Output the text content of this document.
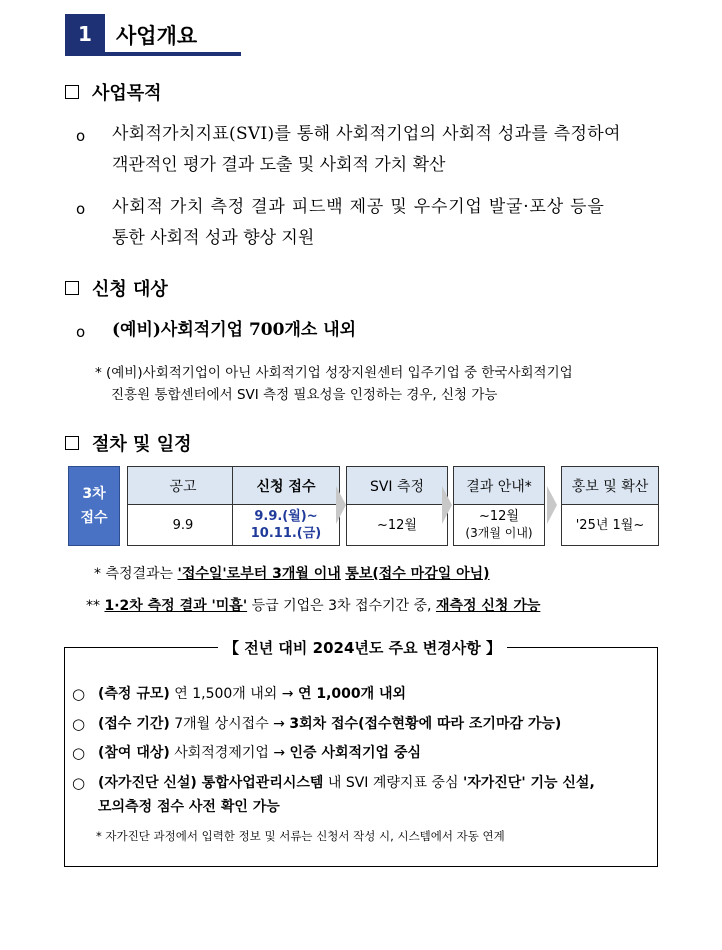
1	사업개요
사업목적
o 사회적가치지표(SVI)를 통해 사회적기업의 사회적 성과를 측정하여
객관적인 평가 결과 도출 및 사회적 가치 확산
o 사회적 가치 측정 결과 피드백 제공 및 우수기업 발굴·포상 등을
통한 사회적 성과 향상 지원
신청 대상
o (예비)사회적기업 700개소 내외
* (예비)사회적기업이 아닌 사회적기업 성장지원센터 입주기업 중 한국사회적기업
진흥원 통합센터에서 SVI 측정 필요성을 인정하는 경우, 신청 가능
절차 및 일정
3차
접수
공고
9.9
신청 접수
9.9.(월)~
10.11.(금)
SVI 측정
~12월
결과 안내*
~12월
(3개월 이내)
홍보 및 확산
'25년 1월~
* 측정결과는 '접수일'로부터 3개월 이내 통보(접수 마감일 아님)
** 1·2차 측정 결과 '미흡' 등급 기업은 3차 접수기간 중, 재측정 신청 가능
【 전년 대비 2024년도 주요 변경사항 】
○ (측정 규모) 연 1,500개 내외 → 연 1,000개 내외
○ (접수 기간) 7개월 상시접수 → 3회차 접수(접수현황에 따라 조기마감 가능)
○ (참여 대상) 사회적경제기업 → 인증 사회적기업 중심
○ (자가진단 신설) 통합사업관리시스템 내 SVI 계량지표 중심 '자가진단' 기능 신설,
모의측정 점수 사전 확인 가능
* 자가진단 과정에서 입력한 정보 및 서류는 신청서 작성 시, 시스템에서 자동 연계
